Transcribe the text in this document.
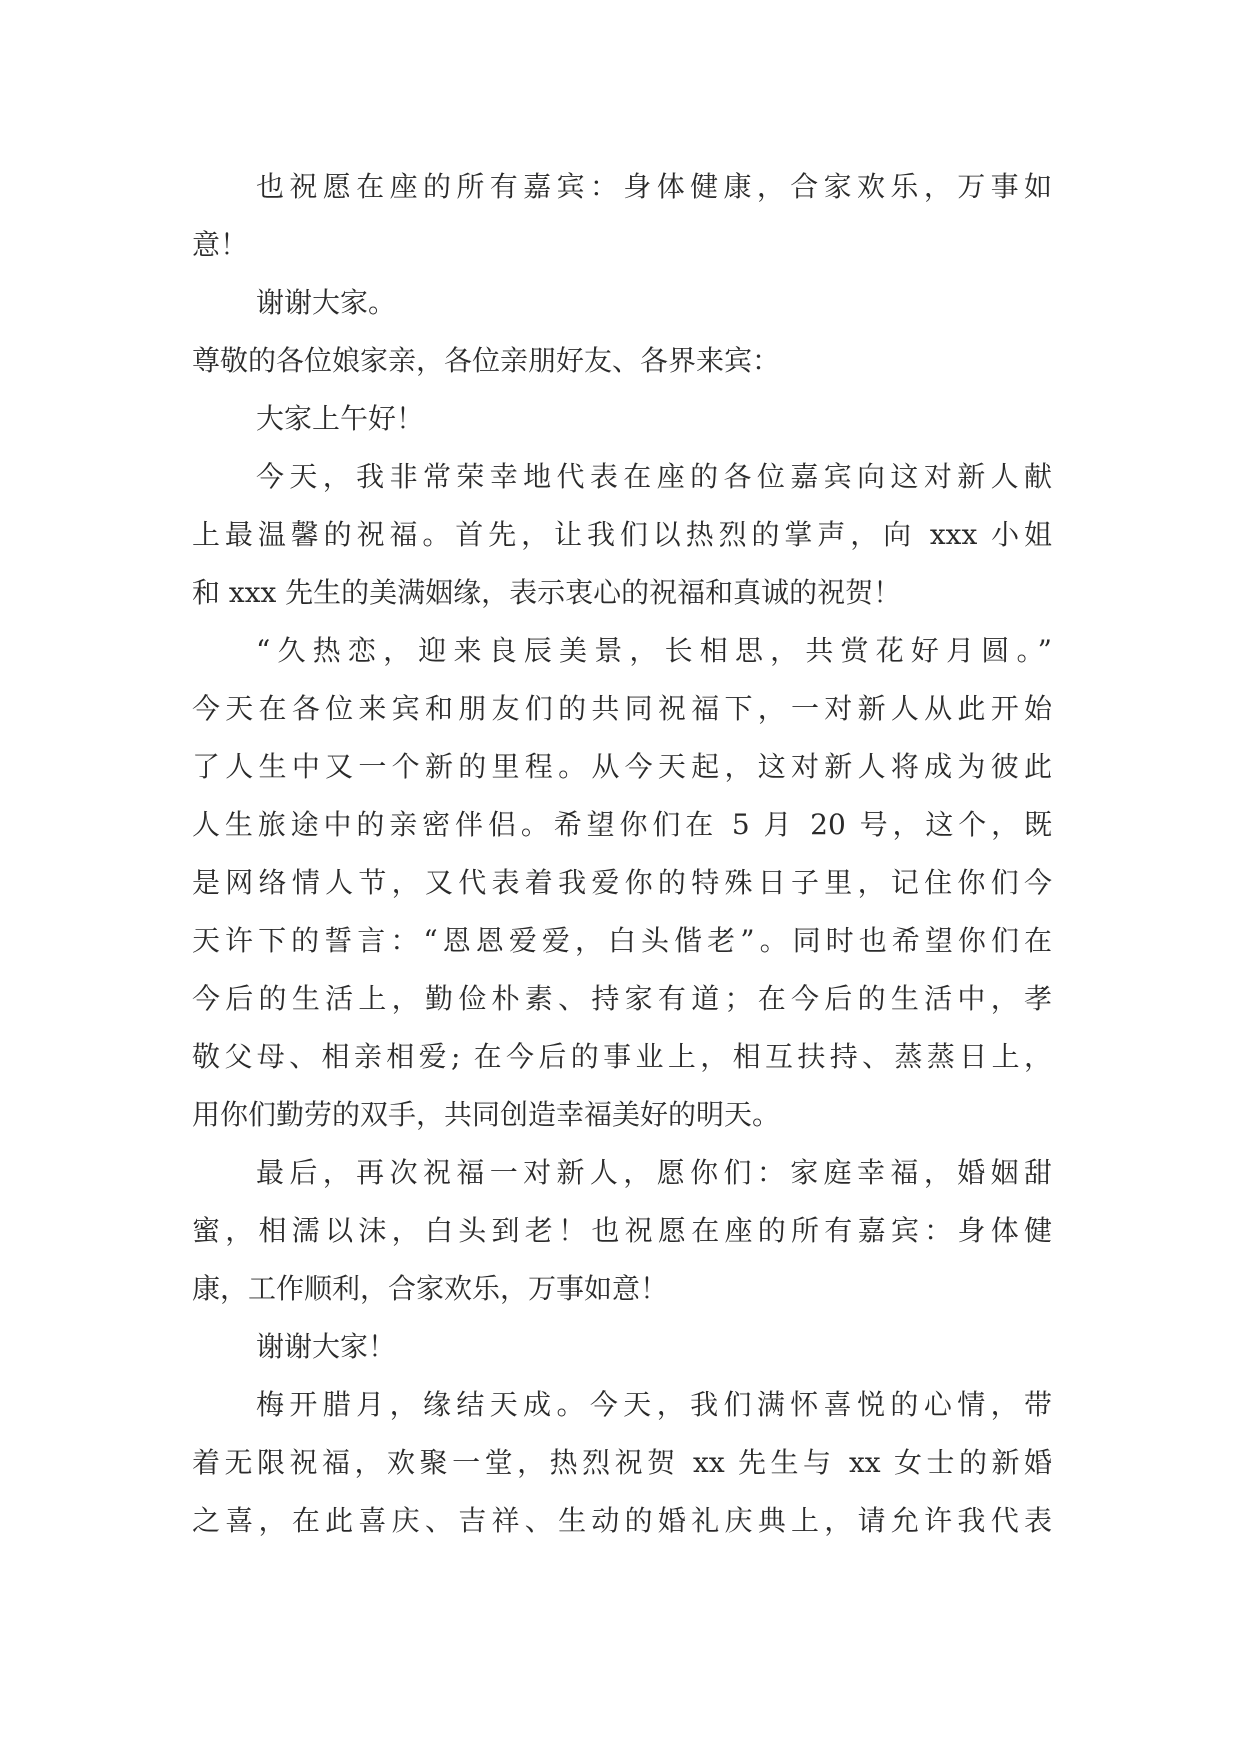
也祝愿在座的所有嘉宾：身体健康，合家欢乐，万事如
意！
谢谢大家。
尊敬的各位娘家亲，各位亲朋好友、各界来宾：
大家上午好！
今天，我非常荣幸地代表在座的各位嘉宾向这对新人献
上最温馨的祝福。首先，让我们以热烈的掌声，向 xxx 小姐
和 xxx 先生的美满姻缘，表示衷心的祝福和真诚的祝贺！
“久热恋，迎来良辰美景，长相思，共赏花好月圆。”
今天在各位来宾和朋友们的共同祝福下，一对新人从此开始
了人生中又一个新的里程。从今天起，这对新人将成为彼此
人生旅途中的亲密伴侣。希望你们在 5 月 20 号，这个，既
是网络情人节，又代表着我爱你的特殊日子里，记住你们今
天许下的誓言：“恩恩爱爱，白头偕老”。同时也希望你们在
今后的生活上，勤俭朴素、持家有道；在今后的生活中，孝
敬父母、相亲相爱; 在今后的事业上，相互扶持、蒸蒸日上，
用你们勤劳的双手，共同创造幸福美好的明天。
最后，再次祝福一对新人，愿你们：家庭幸福，婚姻甜
蜜，相濡以沫，白头到老！也祝愿在座的所有嘉宾：身体健
康，工作顺利，合家欢乐，万事如意！
谢谢大家！
梅开腊月，缘结天成。今天，我们满怀喜悦的心情，带
着无限祝福，欢聚一堂，热烈祝贺 xx 先生与 xx 女士的新婚
之喜，在此喜庆、吉祥、生动的婚礼庆典上，请允许我代表
